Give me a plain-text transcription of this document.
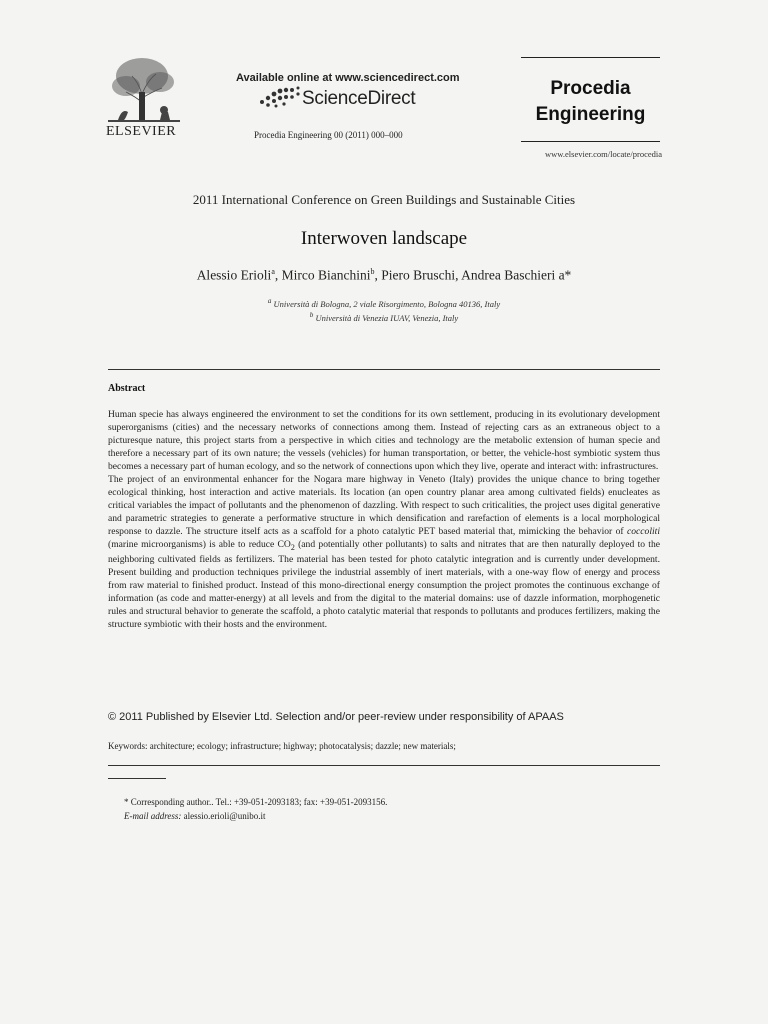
ELSEVIER
Available online at www.sciencedirect.com
ScienceDirect
Procedia Engineering 00 (2011) 000–000
Procedia Engineering
www.elsevier.com/locate/procedia
2011 International Conference on Green Buildings and Sustainable Cities
Interwoven landscape
Alessio Erioli$^a$, Mirco Bianchini$^b$, Piero Bruschi, Andrea Baschieri a*
$^a$ Università di Bologna, 2 viale Risorgimento, Bologna 40136, Italy
$^b$ Università di Venezia IUAV, Venezia, Italy
Abstract

Human specie has always engineered the environment to set the conditions for its own settlement, producing in its evolutionary development superorganisms (cities) and the necessary networks of connections among them. Instead of rejecting cars as an extraneous object to a picturesque nature, this project starts from a perspective in which cities and technology are the metabolic extension of human specie and therefore a necessary part of its own nature; the vessels (vehicles) for human transportation, or better, the vehicle-host symbiotic system thus becomes a necessary part of human ecology, and so the network of connections upon which they live, operate and interact with: infrastructures.

The project of an environmental enhancer for the Nogara mare highway in Veneto (Italy) provides the unique chance to bring together ecological thinking, host interaction and active materials. Its location (an open country planar area among cultivated fields) enucleates as critical variables the impact of pollutants and the phenomenon of dazzling. With respect to such criticalities, the project uses digital generative and parametric strategies to generate a performative structure in which densification and rarefaction of elements is a local morphological response to dazzle. The structure itself acts as a scaffold for a photo catalytic PET based material that, mimicking the behavior of coccoliti (marine microorganisms) is able to reduce $CO_2$ (and potentially other pollutants) to salts and nitrates that are then naturally deployed to the neighboring cultivated fields as fertilizers. The material has been tested for photo catalytic integration and is currently under development. Present building and production techniques privilege the industrial assembly of inert materials, with a one-way flow of energy and process from raw material to finished product. Instead of this mono-directional energy consumption the project promotes the continuous exchange of information (as code and matter-energy) at all levels and from the digital to the material domains: use of dazzle information, morphogenetic rules and structural behavior to generate the scaffold, a photo catalytic material that responds to pollutants and produces fertilizers, making the structure symbiotic with their hosts and the environment.

© 2011 Published by Elsevier Ltd. Selection and/or peer-review under responsibility of APAAS
Keywords: architecture; ecology; infrastructure; highway; photocatalysis; dazzle; new materials;
* Corresponding author.. Tel.: +39-051-2093183; fax: +39-051-2093156.
E-mail address: alessio.erioli@unibo.it
